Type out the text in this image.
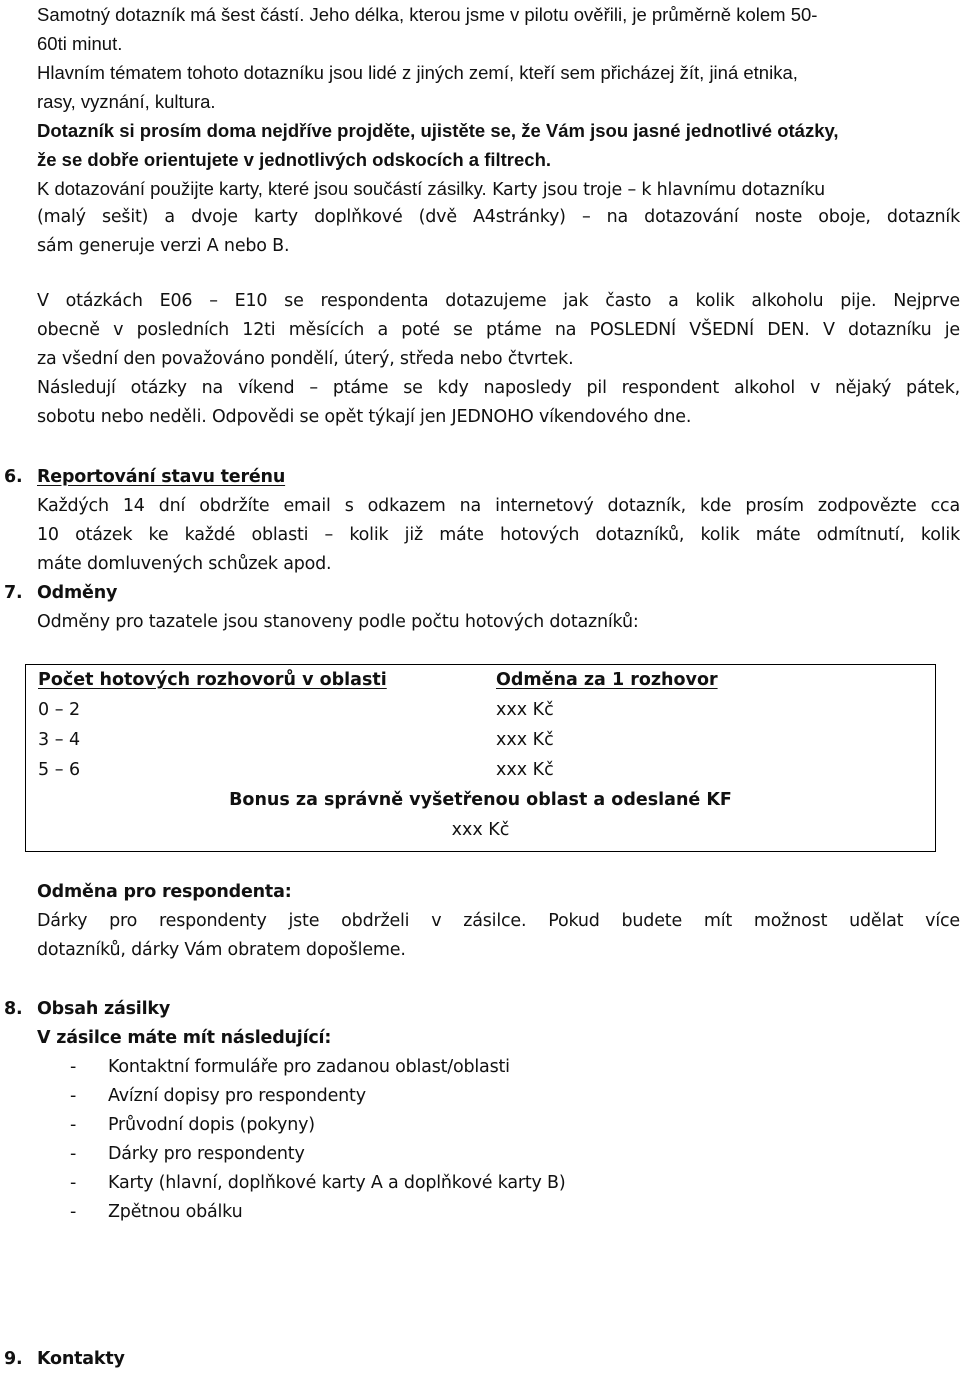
Samotný dotazník má šest částí. Jeho délka, kterou jsme v pilotu ověřili, je průměrně kolem 50-
60ti minut.
Hlavním tématem tohoto dotazníku jsou lidé z jiných zemí, kteří sem přicházej žít, jiná etnika,
rasy, vyznání, kultura.
Dotazník si prosím doma nejdříve projděte, ujistěte se, že Vám jsou jasné jednotlivé otázky,
že se dobře orientujete v jednotlivých odskocích a filtrech.
K dotazování použijte karty, které jsou součástí zásilky. Karty jsou troje – k hlavnímu dotazníku
(malý sešit) a dvoje karty doplňkové (dvě A4stránky) – na dotazování noste oboje, dotazník
sám generuje verzi A nebo B.
V otázkách E06 – E10 se respondenta dotazujeme jak často a kolik alkoholu pije. Nejprve
obecně v posledních 12ti měsících a poté se ptáme na POSLEDNÍ VŠEDNÍ DEN. V dotazníku je
za všední den považováno pondělí, úterý, středa nebo čtvrtek.
Následují otázky na víkend – ptáme se kdy naposledy pil respondent alkohol v nějaký pátek,
sobotu nebo neděli. Odpovědi se opět týkají jen JEDNOHO víkendového dne.
6. Reportování stavu terénu
Každých 14 dní obdržíte email s odkazem na internetový dotazník, kde prosím zodpovězte cca
10 otázek ke každé oblasti – kolik již máte hotových dotazníků, kolik máte odmítnutí, kolik
máte domluvených schůzek apod.
7. Odměny
Odměny pro tazatele jsou stanoveny podle počtu hotových dotazníků:
Počet hotových rozhovorů v oblasti	Odměna za 1 rozhovor
0 – 2	xxx Kč
3 – 4	xxx Kč
5 – 6	xxx Kč
Bonus za správně vyšetřenou oblast a odeslané KF	
xxx Kč	
Odměna pro respondenta:
Dárky pro respondenty jste obdrželi v zásilce. Pokud budete mít možnost udělat více
dotazníků, dárky Vám obratem dopošleme.
8. Obsah zásilky
V zásilce máte mít následující:
- Kontaktní formuláře pro zadanou oblast/oblasti
- Avízní dopisy pro respondenty
- Průvodní dopis (pokyny)
- Dárky pro respondenty
- Karty (hlavní, doplňkové karty A a doplňkové karty B)
- Zpětnou obálku
9. Kontakty
